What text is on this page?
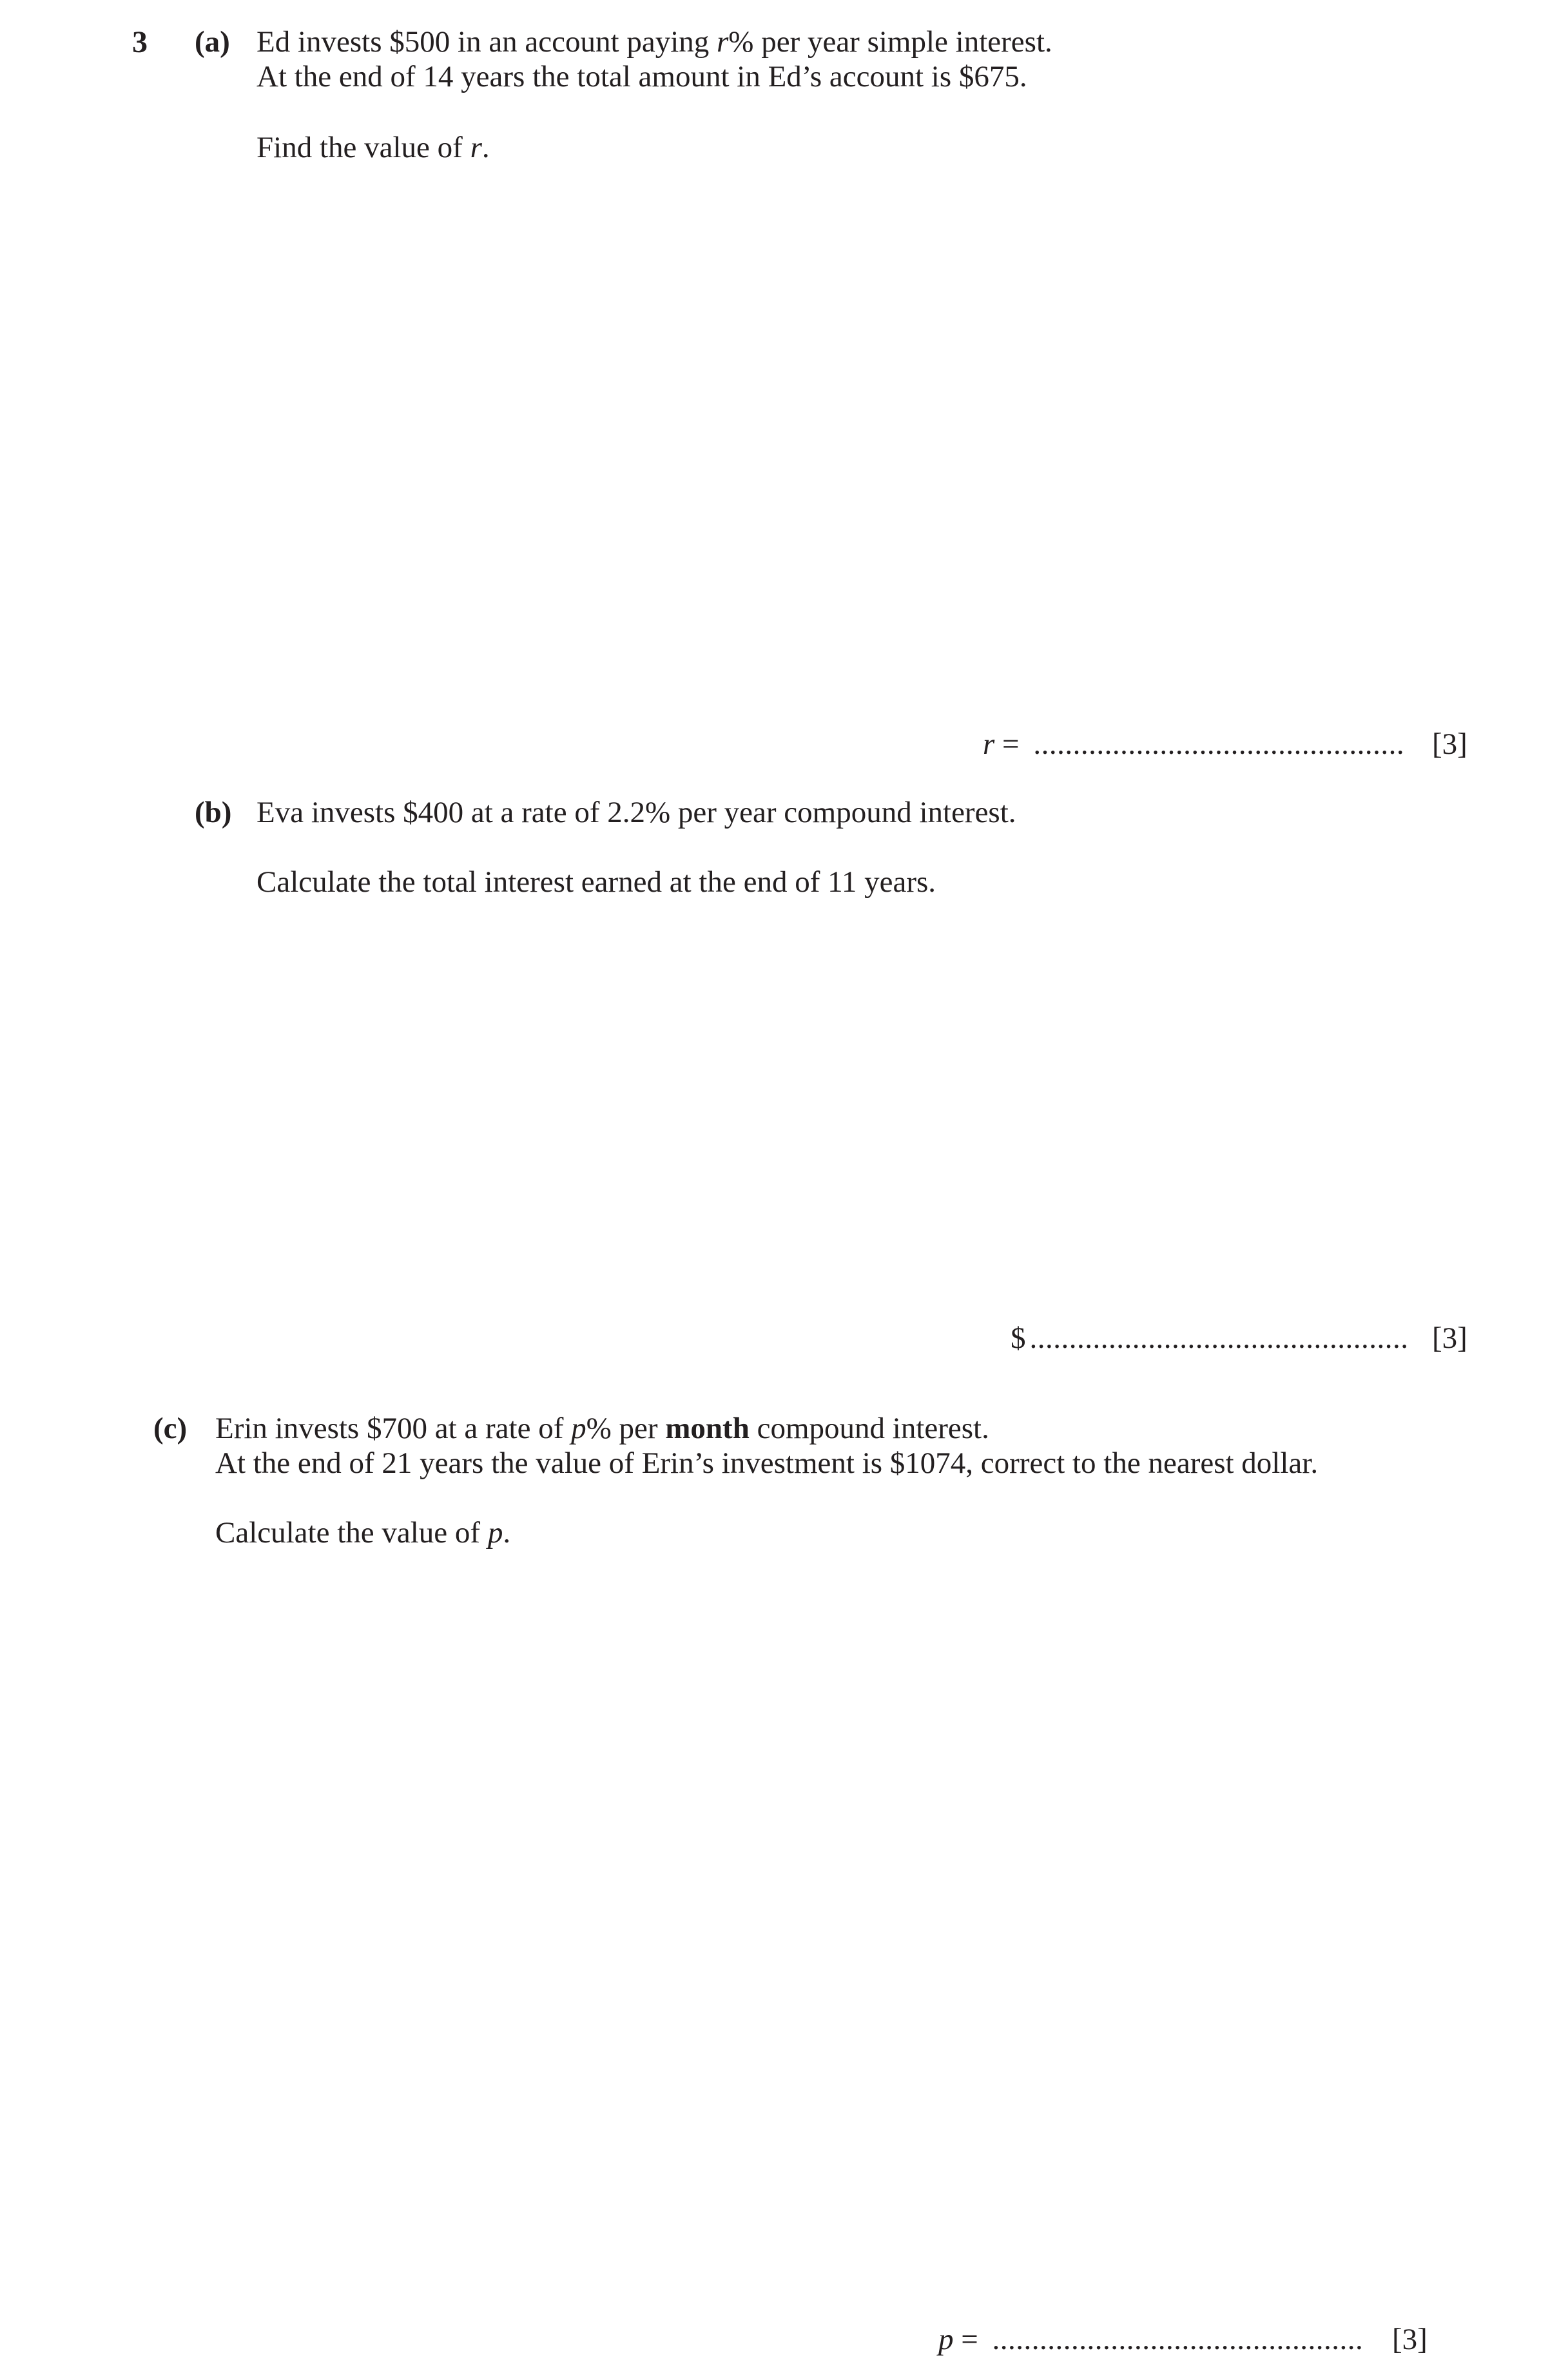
3 (a) Ed invests $500 in an account paying r% per year simple interest.
At the end of 14 years the total amount in Ed’s account is $675.
Find the value of r.
r = ............................................... [3]
(b) Eva invests $400 at a rate of 2.2% per year compound interest.
Calculate the total interest earned at the end of 11 years.
$ ................................................ [3]
(c) Erin invests $700 at a rate of p% per month compound interest.
At the end of 21 years the value of Erin’s investment is $1074, correct to the nearest dollar.
Calculate the value of p.
p = ............................................... [3]
